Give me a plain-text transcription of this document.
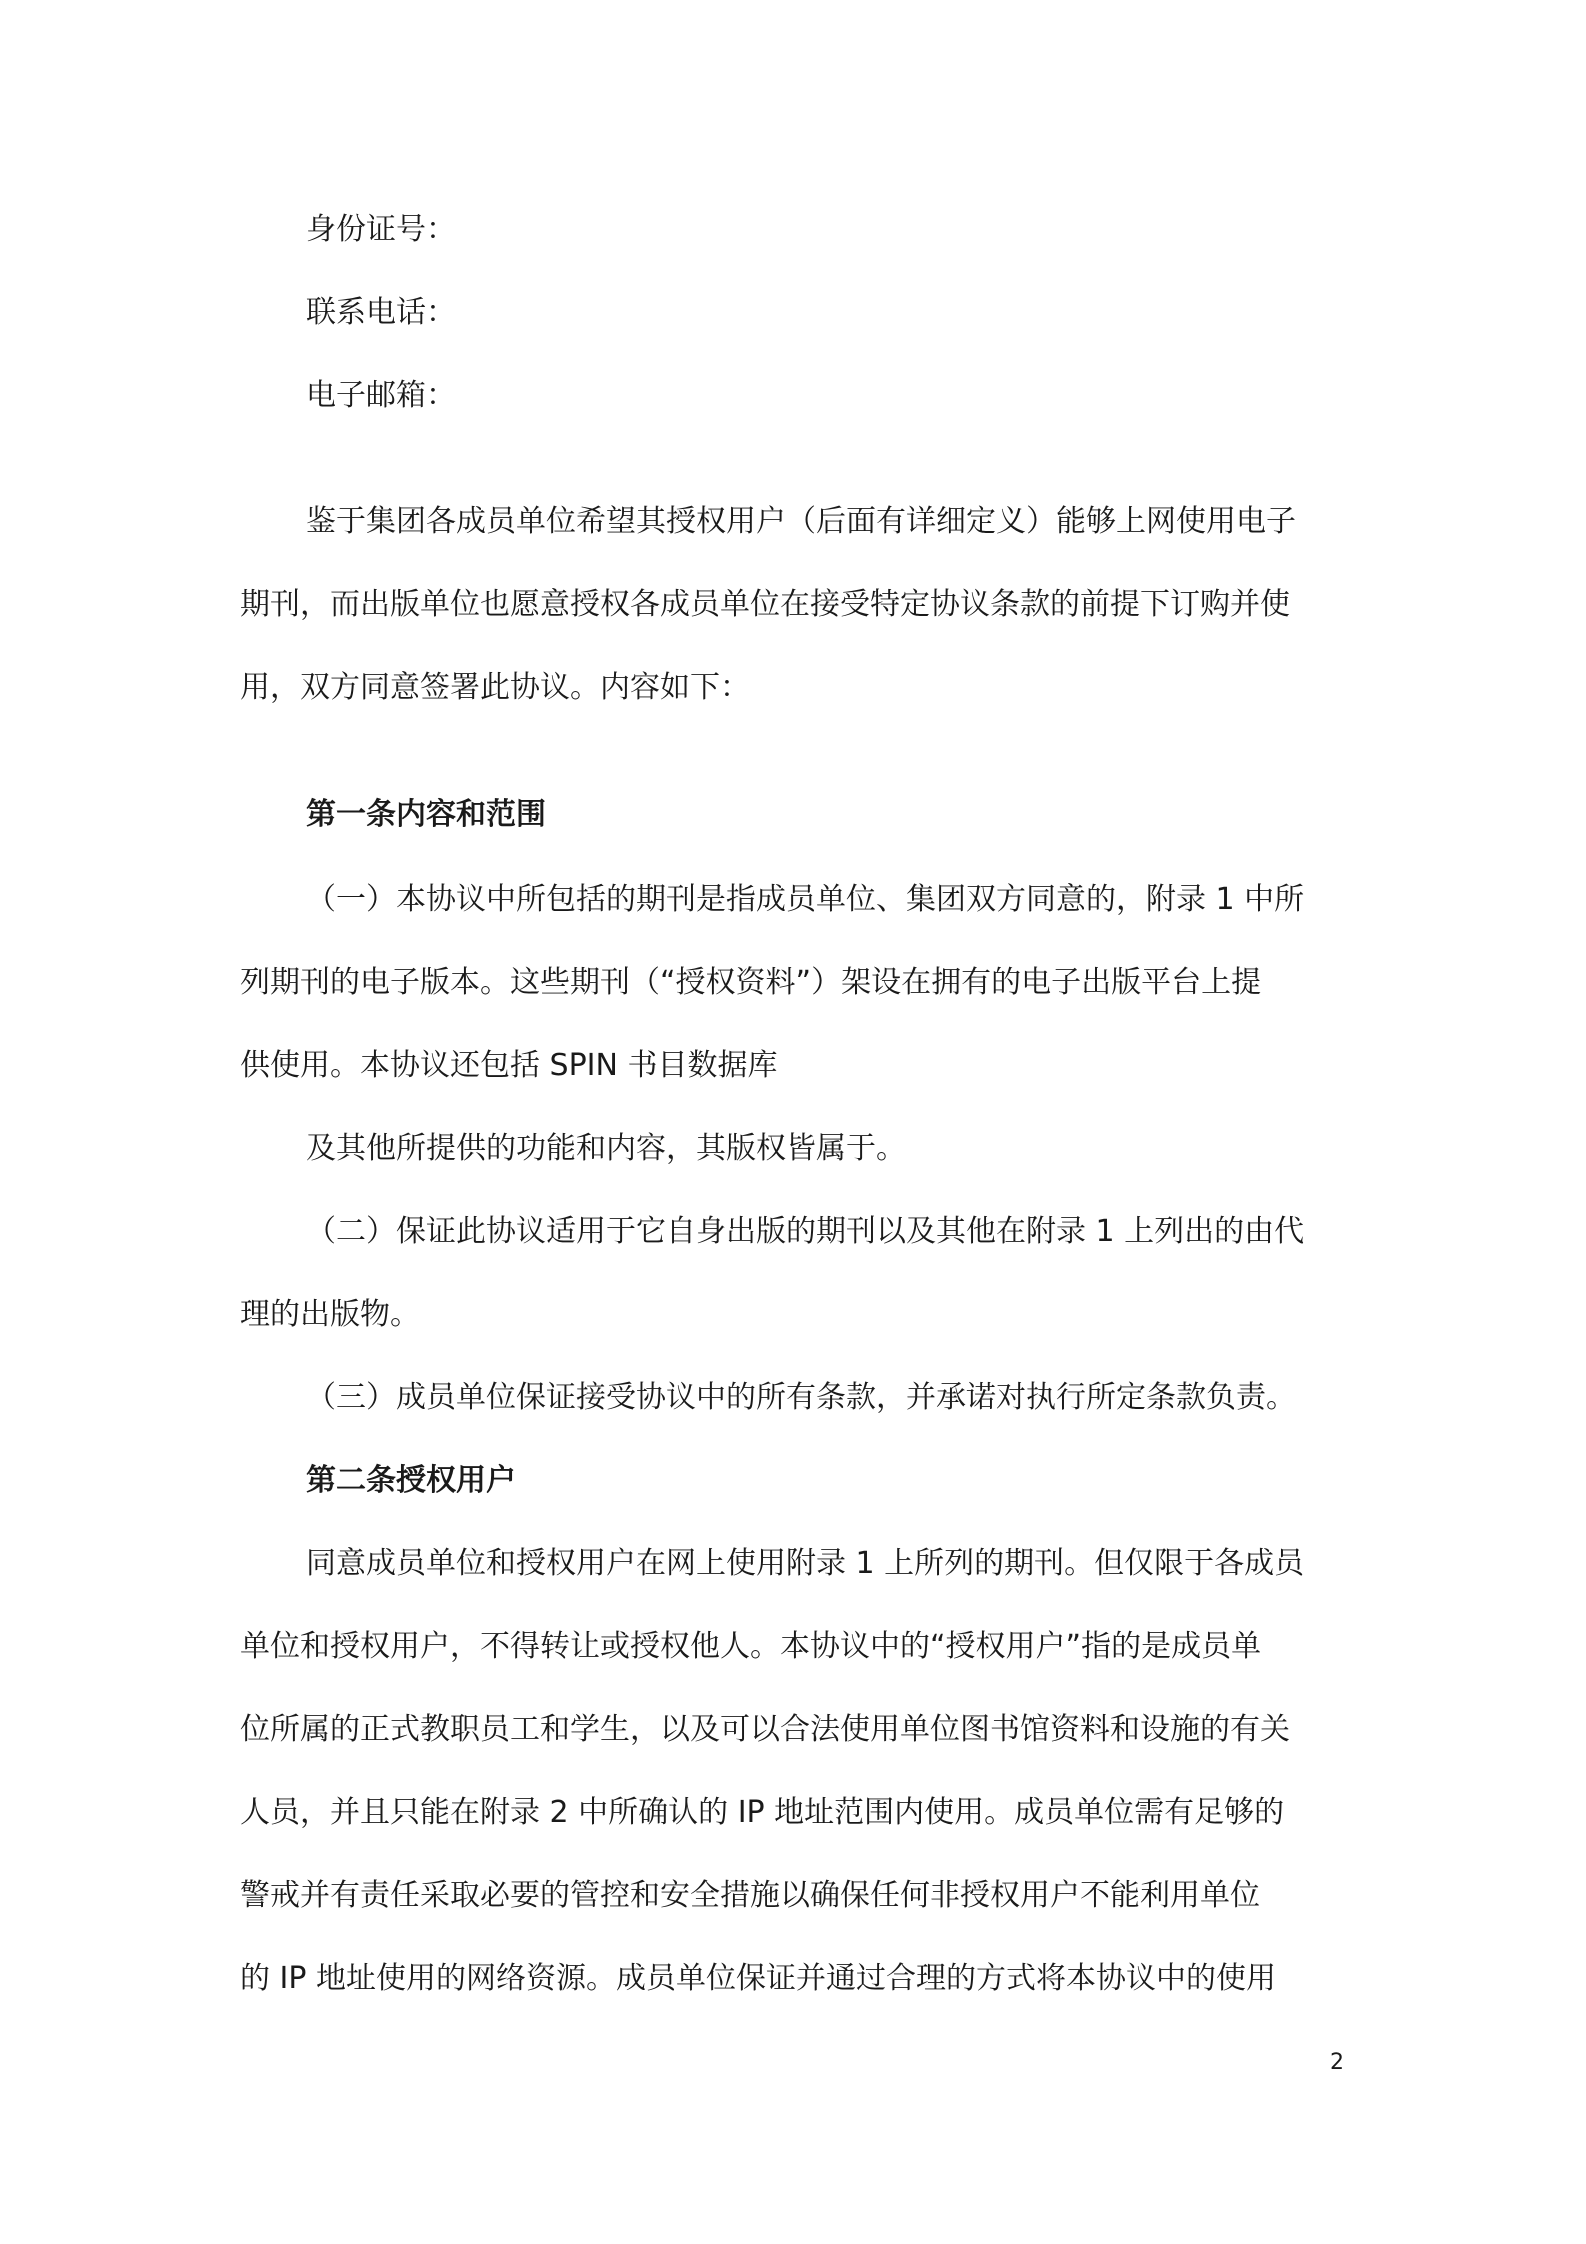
身份证号：
联系电话：
电子邮箱：
鉴于集团各成员单位希望其授权用户（后面有详细定义）能够上网使用电子
期刊，而出版单位也愿意授权各成员单位在接受特定协议条款的前提下订购并使
用，双方同意签署此协议。内容如下：
第一条内容和范围
（一）本协议中所包括的期刊是指成员单位、集团双方同意的，附录 1 中所
列期刊的电子版本。这些期刊（“授权资料”）架设在拥有的电子出版平台上提
供使用。本协议还包括 SPIN 书目数据库
及其他所提供的功能和内容，其版权皆属于。
（二）保证此协议适用于它自身出版的期刊以及其他在附录 1 上列出的由代
理的出版物。
（三）成员单位保证接受协议中的所有条款，并承诺对执行所定条款负责。
第二条授权用户
同意成员单位和授权用户在网上使用附录 1 上所列的期刊。但仅限于各成员
单位和授权用户，不得转让或授权他人。本协议中的“授权用户”指的是成员单
位所属的正式教职员工和学生，以及可以合法使用单位图书馆资料和设施的有关
人员，并且只能在附录 2 中所确认的 IP 地址范围内使用。成员单位需有足够的
警戒并有责任采取必要的管控和安全措施以确保任何非授权用户不能利用单位
的 IP 地址使用的网络资源。成员单位保证并通过合理的方式将本协议中的使用
2
